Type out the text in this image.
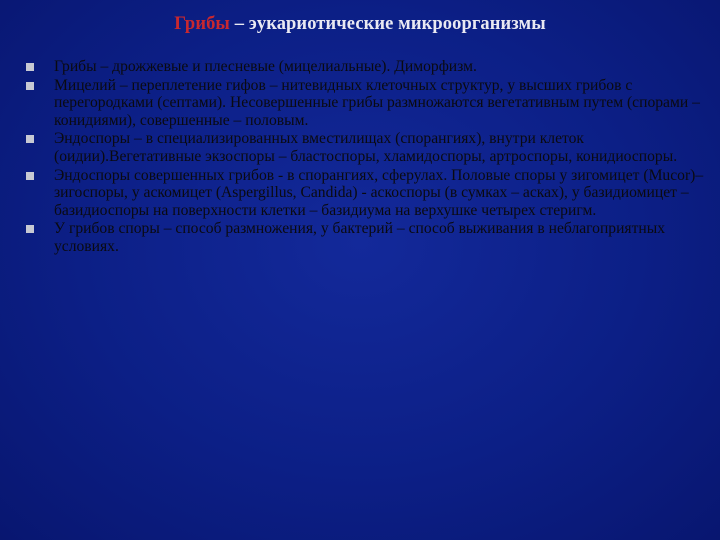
Грибы – эукариотические микроорганизмы
Грибы – дрожжевые и плесневые (мицелиальные). Диморфизм.
Мицелий – переплетение гифов – нитевидных клеточных структур, у высших грибов с перегородками (септами). Несовершенные грибы размножаются вегетативным путем (спорами – конидиями), совершенные – половым.
Эндоспоры – в специализированных вместилищах (спорангиях), внутри клеток (оидии).Вегетативные экзоспоры – бластоспоры, хламидоспоры, артроспоры, конидиоспоры.
Эндоспоры совершенных грибов - в спорангиях, сферулах. Половые споры у зигомицет (Mucor)– зигоспоры, у аскомицет (Aspergillus, Candida) - аскоспоры (в сумках – асках), у базидиомицет – базидиоспоры на поверхности клетки – базидиума на верхушке четырех стеригм.
У грибов споры – способ размножения, у бактерий – способ выживания в неблагоприятных условиях.
